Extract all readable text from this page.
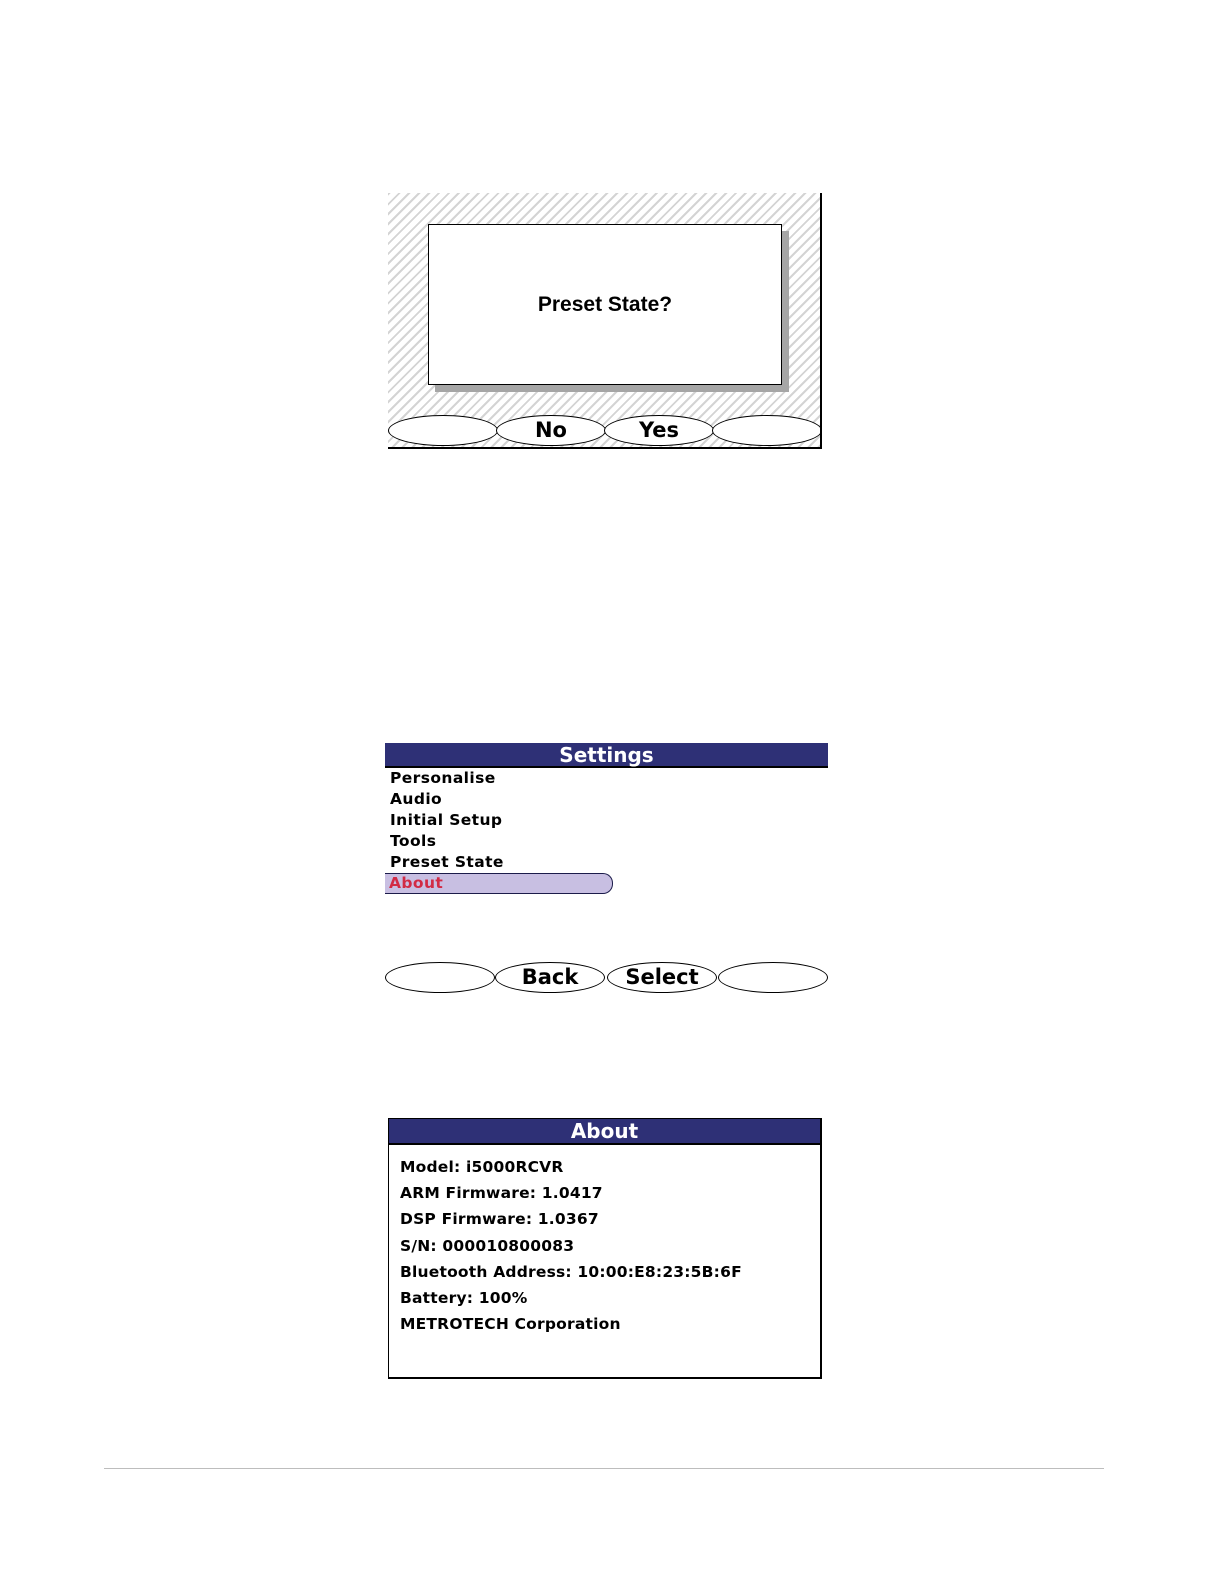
Preset State?
No	Yes
Settings
Personalise
Audio
Initial Setup
Tools
Preset State
About
Back	Select
About
Model: i5000RCVR
ARM Firmware: 1.0417
DSP Firmware: 1.0367
S/N: 000010800083
Bluetooth Address: 10:00:E8:23:5B:6F
Battery: 100%
METROTECH Corporation
